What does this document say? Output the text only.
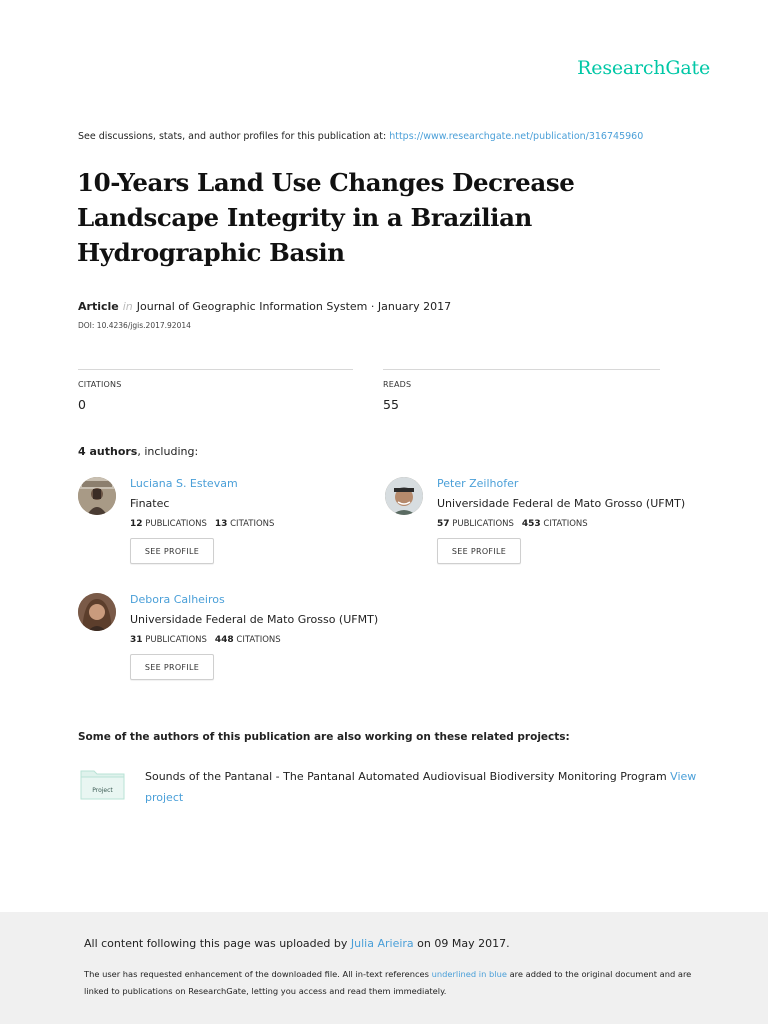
ResearchGate
See discussions, stats, and author profiles for this publication at: https://www.researchgate.net/publication/316745960
10-Years Land Use Changes Decrease Landscape Integrity in a Brazilian Hydrographic Basin
Article in Journal of Geographic Information System · January 2017
DOI: 10.4236/jgis.2017.92014
CITATIONS
0
READS
55
4 authors, including:
Luciana S. Estevam
Finatec
12 PUBLICATIONS 13 CITATIONS
SEE PROFILE
Peter Zeilhofer
Universidade Federal de Mato Grosso (UFMT)
57 PUBLICATIONS 453 CITATIONS
SEE PROFILE
Debora Calheiros
Universidade Federal de Mato Grosso (UFMT)
31 PUBLICATIONS 448 CITATIONS
SEE PROFILE
Some of the authors of this publication are also working on these related projects:
Project
Sounds of the Pantanal - The Pantanal Automated Audiovisual Biodiversity Monitoring Program View
project
All content following this page was uploaded by Julia Arieira on 09 May 2017.
The user has requested enhancement of the downloaded file. All in-text references underlined in blue are added to the original document and are linked to publications on ResearchGate, letting you access and read them immediately.
